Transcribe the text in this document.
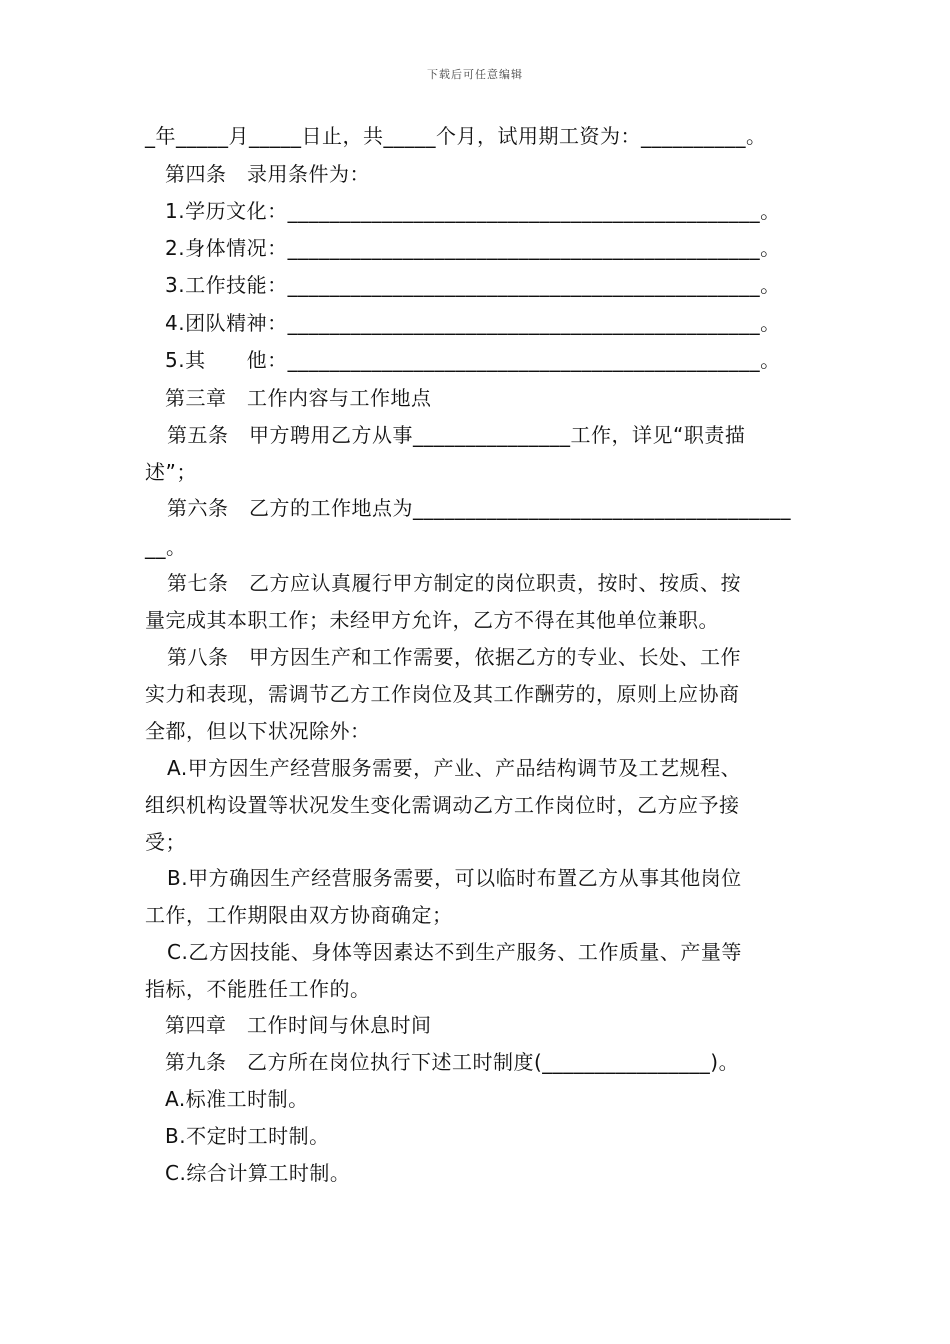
下载后可任意编辑
_年_____月_____日止，共_____个月，试用期工资为：__________。
第四条　录用条件为：
1.学历文化：_____________________________________________。
2.身体情况：_____________________________________________。
3.工作技能：_____________________________________________。
4.团队精神：_____________________________________________。
5.其　　他：_____________________________________________。
第三章　工作内容与工作地点
第五条　甲方聘用乙方从事_______________工作，详见“职责描
述”；
第六条　乙方的工作地点为____________________________________
__。
第七条　乙方应认真履行甲方制定的岗位职责，按时、按质、按
量完成其本职工作；未经甲方允许，乙方不得在其他单位兼职。
第八条　甲方因生产和工作需要，依据乙方的专业、长处、工作
实力和表现，需调节乙方工作岗位及其工作酬劳的，原则上应协商
全都，但以下状况除外：
A.甲方因生产经营服务需要，产业、产品结构调节及工艺规程、
组织机构设置等状况发生变化需调动乙方工作岗位时，乙方应予接
受；
B.甲方确因生产经营服务需要，可以临时布置乙方从事其他岗位
工作，工作期限由双方协商确定；
C.乙方因技能、身体等因素达不到生产服务、工作质量、产量等
指标，不能胜任工作的。
第四章　工作时间与休息时间
第九条　乙方所在岗位执行下述工时制度(________________)。
A.标准工时制。
B.不定时工时制。
C.综合计算工时制。
